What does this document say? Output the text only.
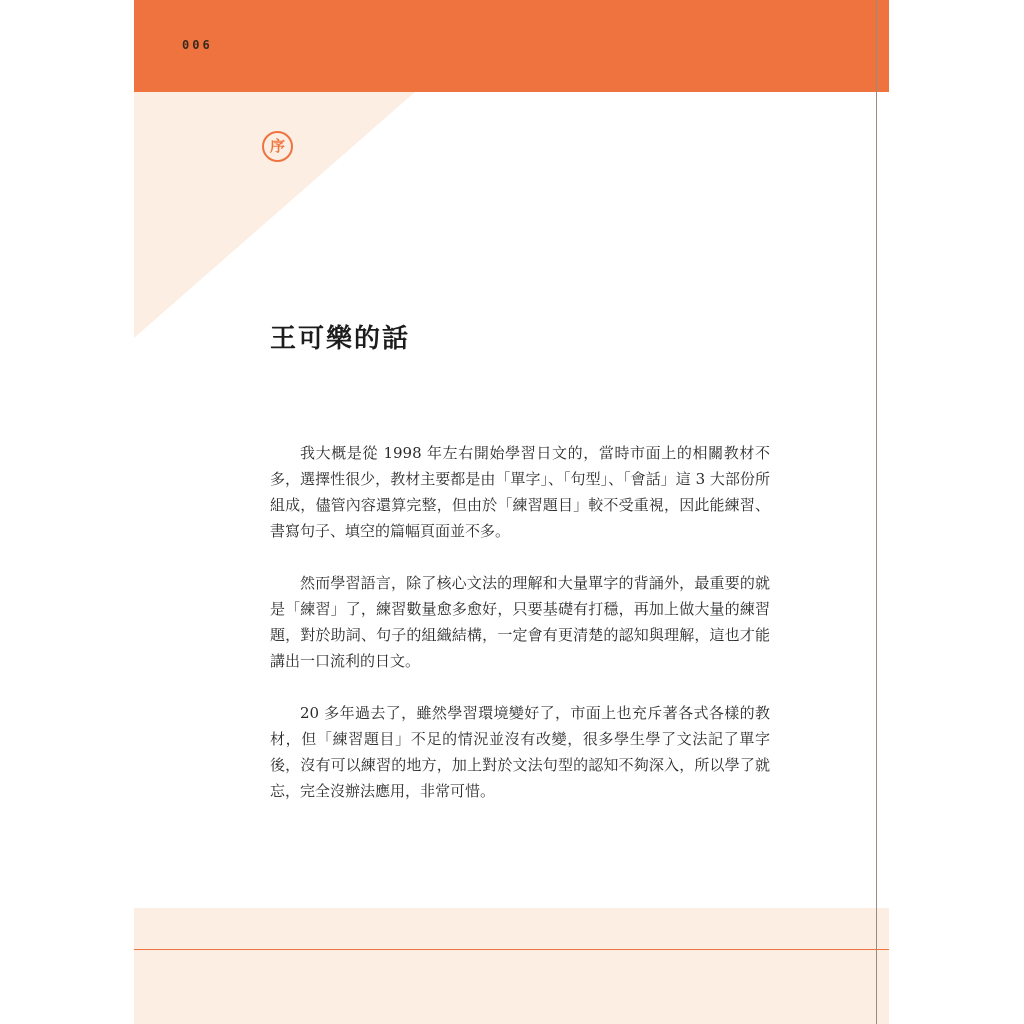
006
序
王可樂的話

我大概是從 1998 年左右開始學習日文的，當時市面上的相關教材不多，選擇性很少，教材主要都是由「單字」、「句型」、「會話」這 3 大部份所組成，儘管內容還算完整，但由於「練習題目」較不受重視，因此能練習、書寫句子、填空的篇幅頁面並不多。

然而學習語言，除了核心文法的理解和大量單字的背誦外，最重要的就是「練習」了，練習數量愈多愈好，只要基礎有打穩，再加上做大量的練習題，對於助詞、句子的組織結構，一定會有更清楚的認知與理解，這也才能講出一口流利的日文。

20 多年過去了，雖然學習環境變好了，市面上也充斥著各式各樣的教材，但「練習題目」不足的情況並沒有改變，很多學生學了文法記了單字後，沒有可以練習的地方，加上對於文法句型的認知不夠深入，所以學了就忘，完全沒辦法應用，非常可惜。
